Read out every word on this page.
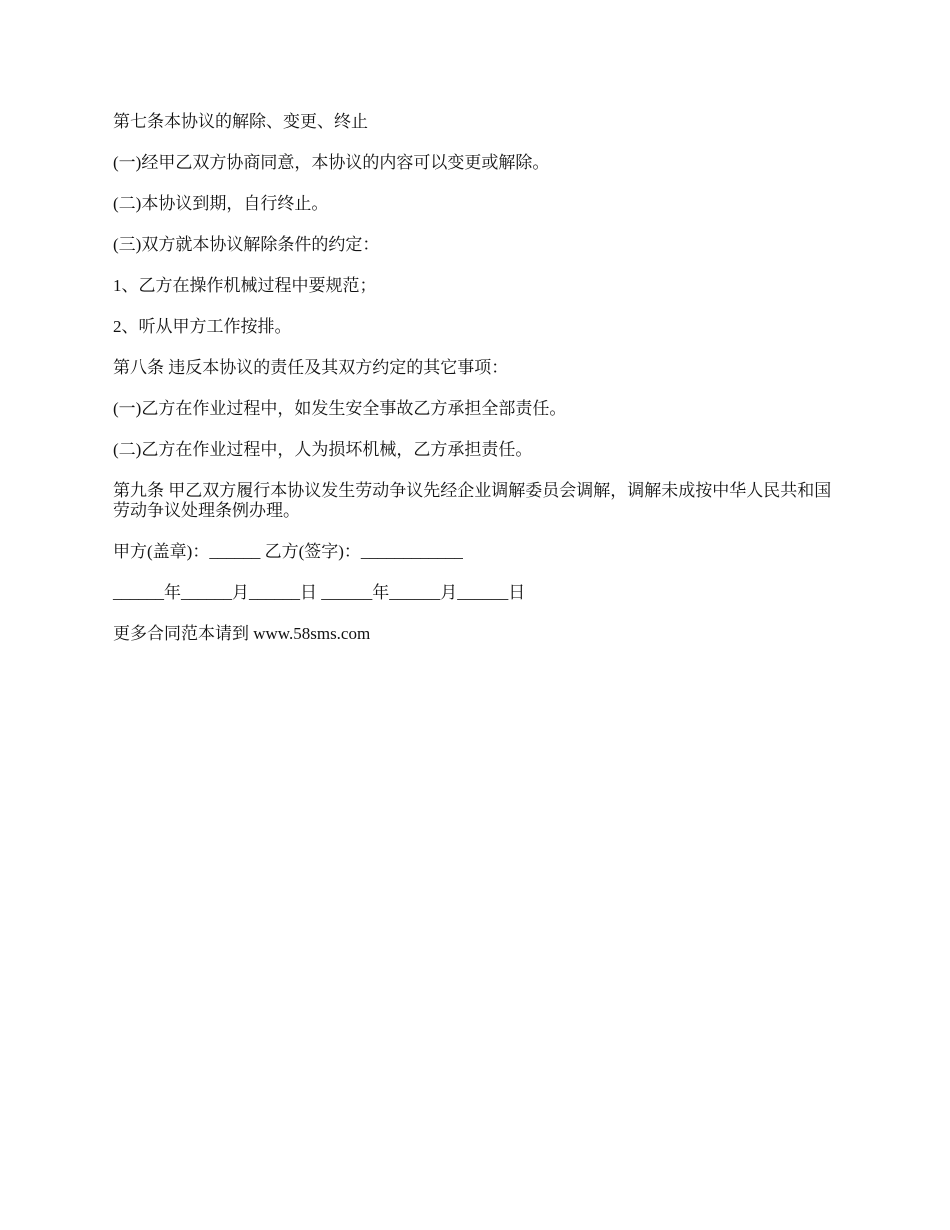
第七条本协议的解除、变更、终止

(一)经甲乙双方协商同意，本协议的内容可以变更或解除。

(二)本协议到期，自行终止。

(三)双方就本协议解除条件的约定：

1、乙方在操作机械过程中要规范；

2、听从甲方工作按排。

第八条 违反本协议的责任及其双方约定的其它事项：

(一)乙方在作业过程中，如发生安全事故乙方承担全部责任。

(二)乙方在作业过程中，人为损坏机械，乙方承担责任。

第九条 甲乙双方履行本协议发生劳动争议先经企业调解委员会调解，调解未成按中华人民共和国劳动争议处理条例办理。

甲方(盖章)：______ 乙方(签字)：____________

______年______月______日 ______年______月______日

更多合同范本请到 www.58sms.com
